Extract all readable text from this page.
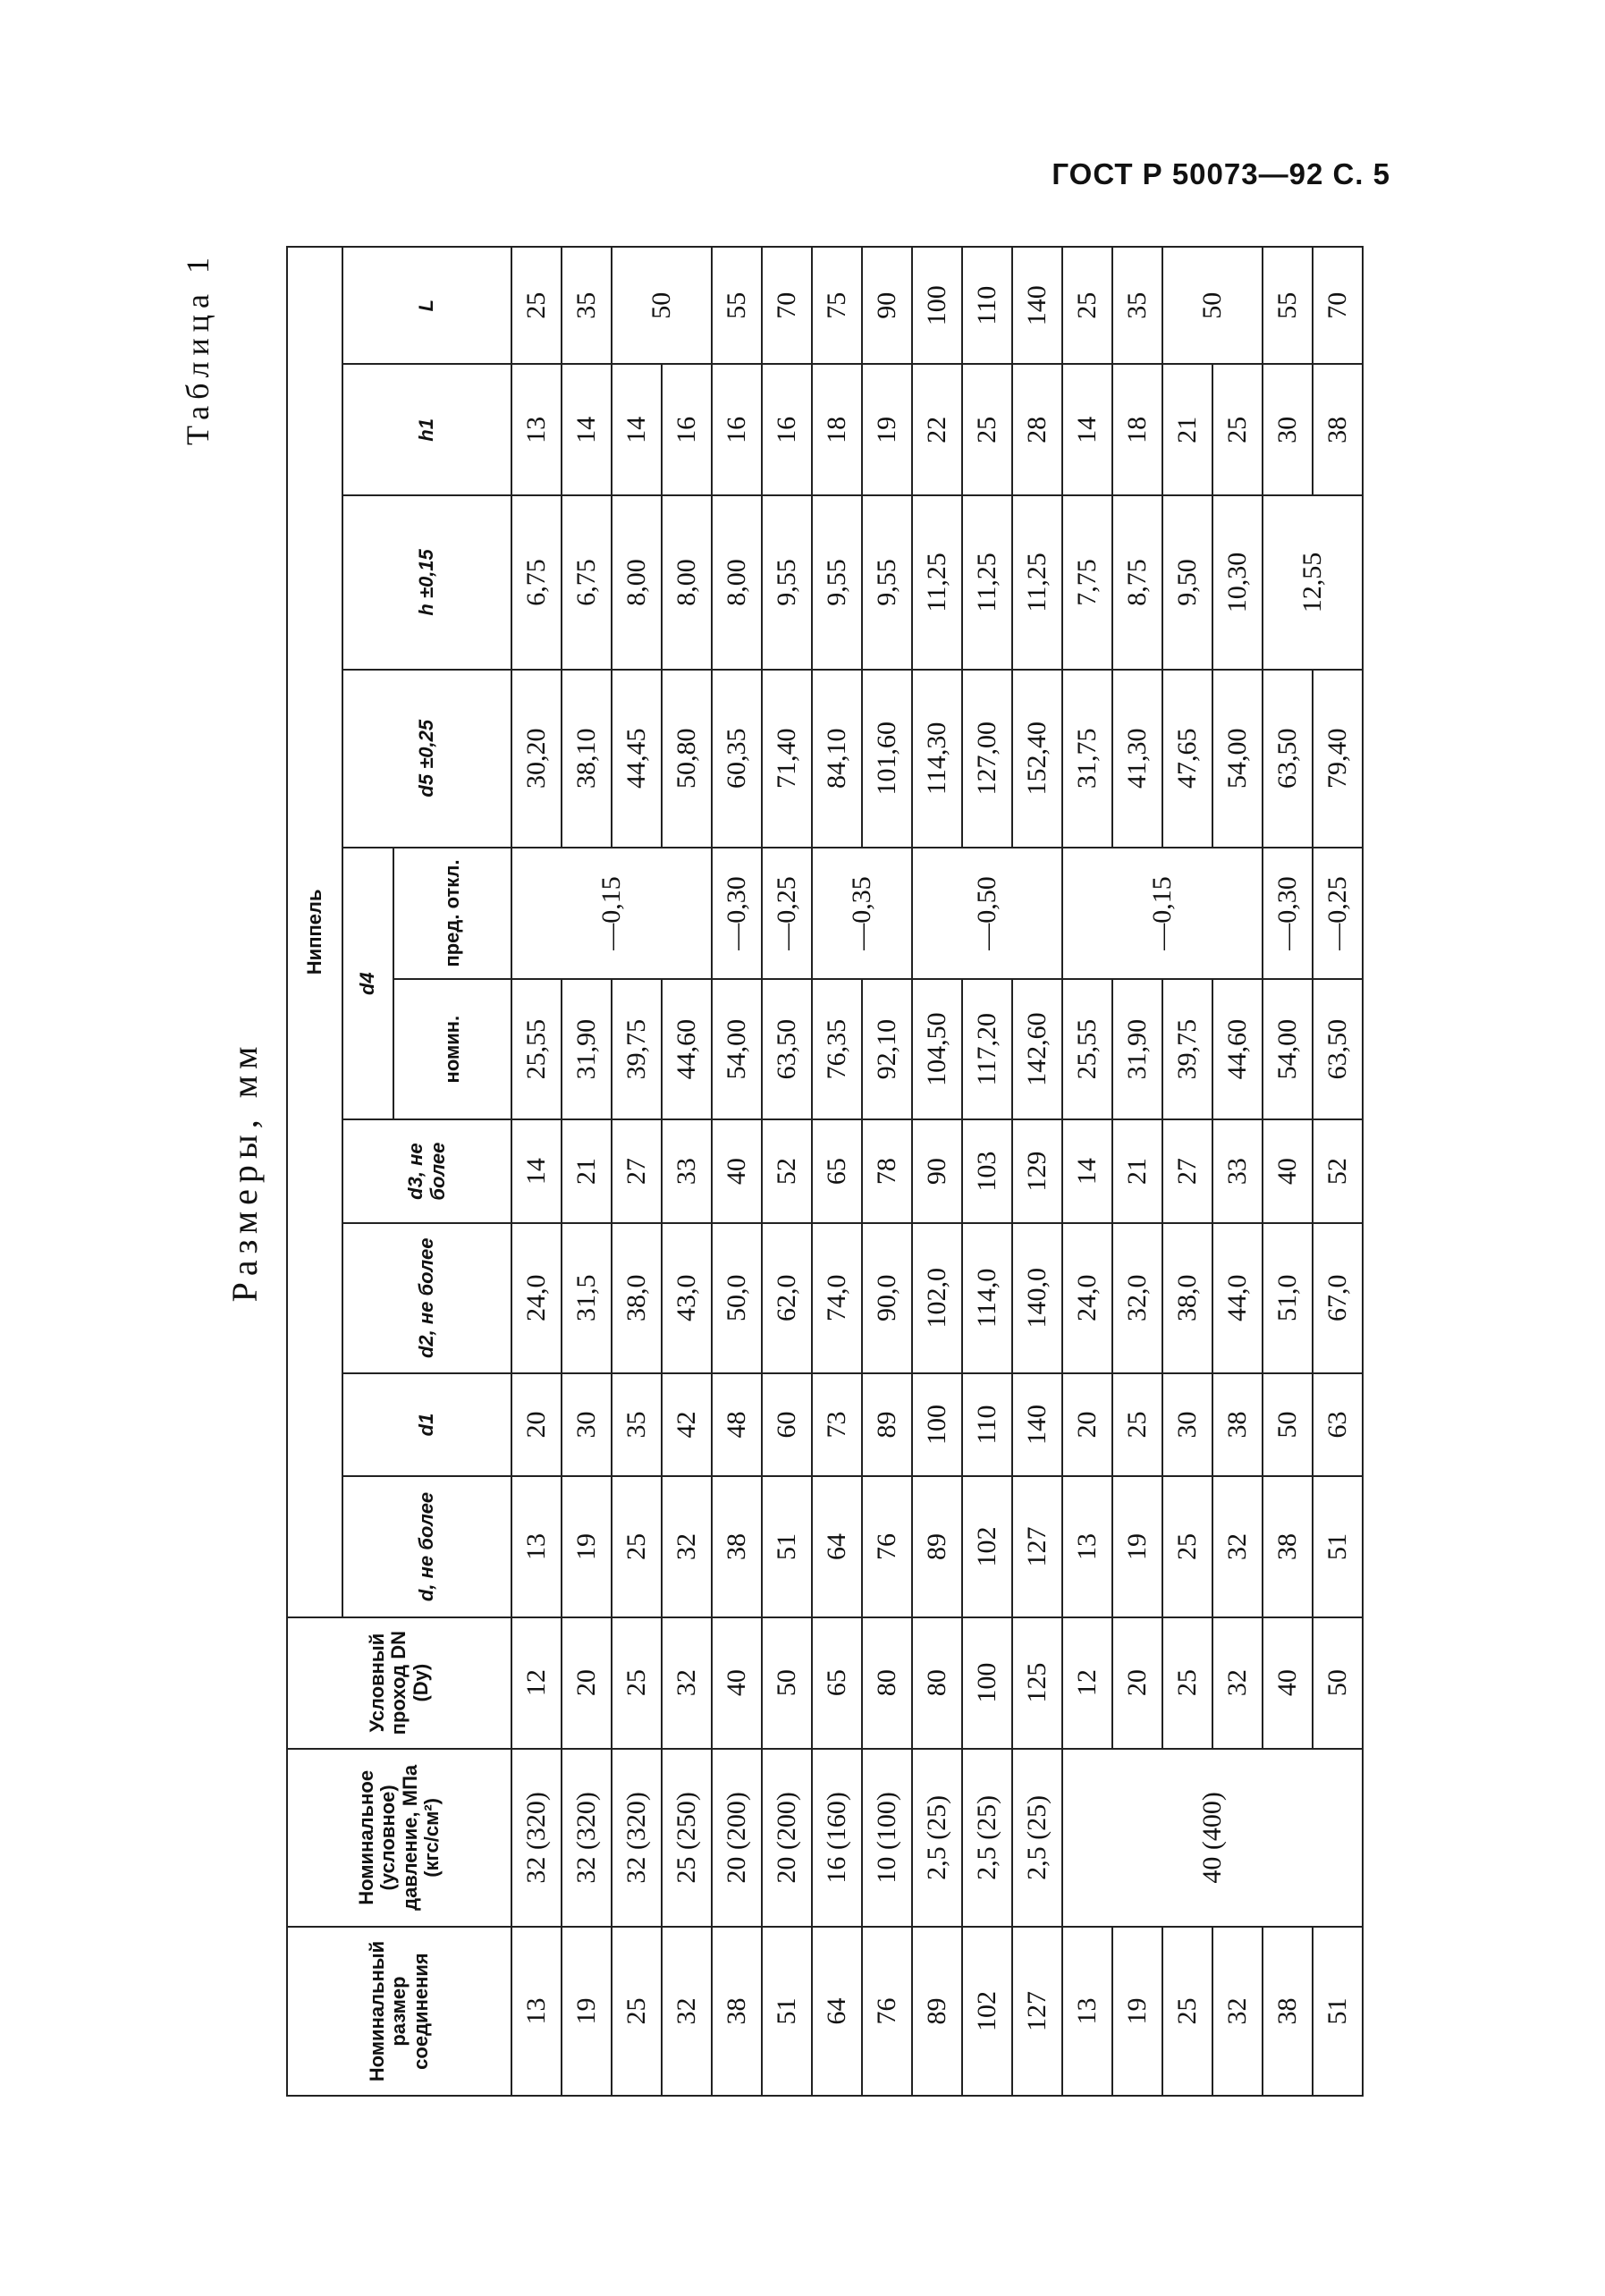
ГОСТ Р 50073—92 С. 5
Таблица 1
Размеры, мм
Номинальный размер соединения	Номинальное (условное) давление, МПа (кгс/см²)	Условный проход DN (Dy)	Ниппель									
			d, не более	d1	d2, не более	d3, не более	d4		d5 ±0,25	h ±0,15	h1	L
							номин.	пред. откл.				
13	32 (320)	12	13	20	24,0	14	25,55	—0,15	30,20	6,75	13	25
19	32 (320)	20	19	30	31,5	21	31,90		38,10	6,75	14	35
25	32 (320)	25	25	35	38,0	27	39,75		44,45	8,00	14	50
32	25 (250)	32	32	42	43,0	33	44,60		50,80	8,00	16	
38	20 (200)	40	38	48	50,0	40	54,00	—0,30	60,35	8,00	16	55
51	20 (200)	50	51	60	62,0	52	63,50	—0,25	71,40	9,55	16	70
64	16 (160)	65	64	73	74,0	65	76,35	—0,35	84,10	9,55	18	75
76	10 (100)	80	76	89	90,0	78	92,10		101,60	9,55	19	90
89	2,5 (25)	80	89	100	102,0	90	104,50	—0,50	114,30	11,25	22	100
102	2,5 (25)	100	102	110	114,0	103	117,20		127,00	11,25	25	110
127	2,5 (25)	125	127	140	140,0	129	142,60		152,40	11,25	28	140
13	40 (400)	12	13	20	24,0	14	25,55	—0,15	31,75	7,75	14	25
19		20	19	25	32,0	21	31,90		41,30	8,75	18	35
25		25	25	30	38,0	27	39,75		47,65	9,50	21	50
32		32	32	38	44,0	33	44,60		54,00	10,30	25	
38		40	38	50	51,0	40	54,00	—0,30	63,50	12,55	30	55
51		50	51	63	67,0	52	63,50	—0,25	79,40		38	70
